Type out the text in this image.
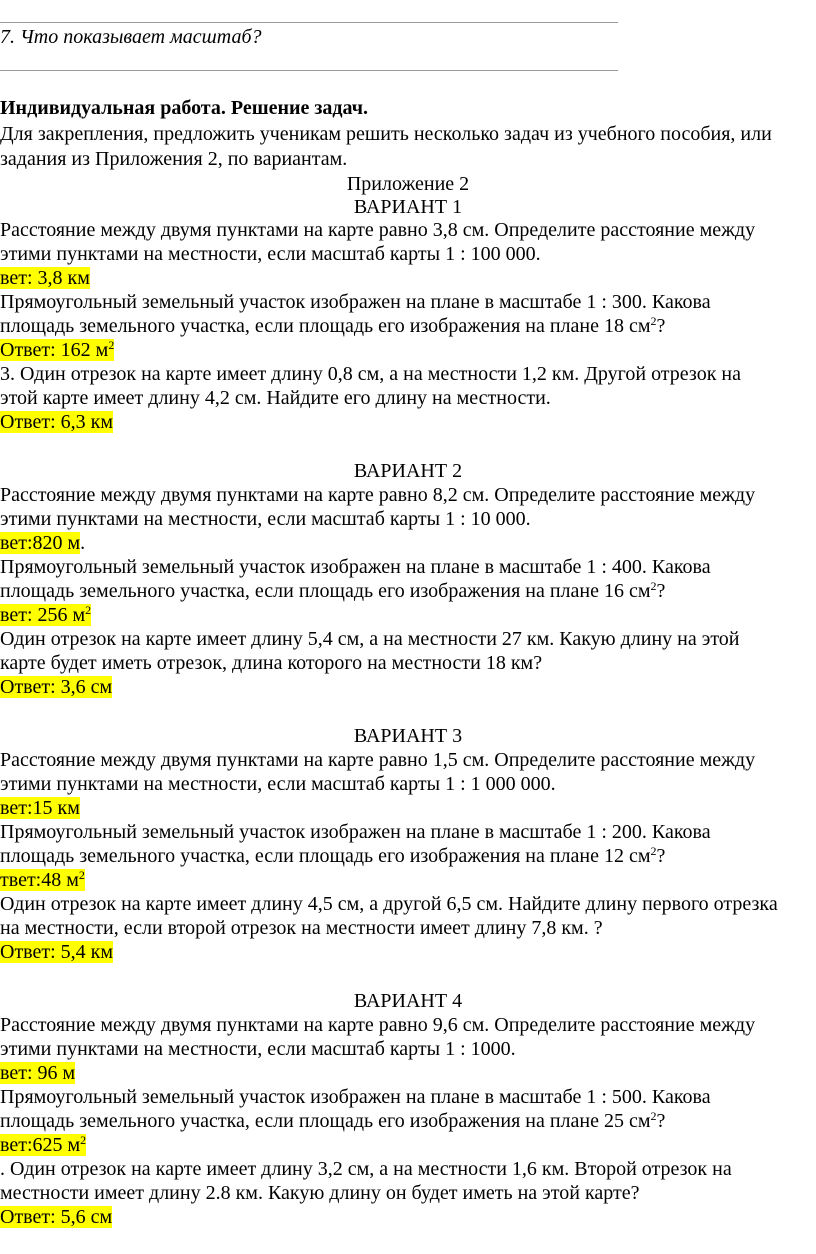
7. Что показывает масштаб?
Индивидуальная работа. Решение задач.
Для закрепления, предложить ученикам решить несколько задач из учебного пособия, или
задания из Приложения 2, по вариантам.
Приложение 2
ВАРИАНТ 1
Расстояние между двумя пунктами на карте равно 3,8 см. Определите расстояние между
этими пунктами на местности, если масштаб карты 1 : 100 000.
вет: 3,8 км
Прямоугольный земельный участок изображен на плане в масштабе 1 : 300. Какова
площадь земельного участка, если площадь его изображения на плане 18 $см^2$?
Ответ: 162 $м^2$
3. Один отрезок на карте имеет длину 0,8 см, а на местности 1,2 км. Другой отрезок на
этой карте имеет длину 4,2 см. Найдите его длину на местности.
Ответ: 6,3 км
ВАРИАНТ 2
Расстояние между двумя пунктами на карте равно 8,2 см. Определите расстояние между
этими пунктами на местности, если масштаб карты 1 : 10 000.
вет:820 м.
Прямоугольный земельный участок изображен на плане в масштабе 1 : 400. Какова
площадь земельного участка, если площадь его изображения на плане 16 $см^2$?
вет: 256 $м^2$
Один отрезок на карте имеет длину 5,4 см, а на местности 27 км. Какую длину на этой
карте будет иметь отрезок, длина которого на местности 18 км?
Ответ: 3,6 см
ВАРИАНТ 3
Расстояние между двумя пунктами на карте равно 1,5 см. Определите расстояние между
этими пунктами на местности, если масштаб карты 1 : 1 000 000.
вет:15 км
Прямоугольный земельный участок изображен на плане в масштабе 1 : 200. Какова
площадь земельного участка, если площадь его изображения на плане 12 $см^2$?
твет:48 $м^2$
Один отрезок на карте имеет длину 4,5 см, а другой 6,5 см. Найдите длину первого отрезка
на местности, если второй отрезок на местности имеет длину 7,8 км. ?
Ответ: 5,4 км
ВАРИАНТ 4
Расстояние между двумя пунктами на карте равно 9,6 см. Определите расстояние между
этими пунктами на местности, если масштаб карты 1 : 1000.
вет: 96 м
Прямоугольный земельный участок изображен на плане в масштабе 1 : 500. Какова
площадь земельного участка, если площадь его изображения на плане 25 $см^2$?
вет:625 $м^2$
. Один отрезок на карте имеет длину 3,2 см, а на местности 1,6 км. Второй отрезок на
местности имеет длину 2.8 км. Какую длину он будет иметь на этой карте?
Ответ: 5,6 см
